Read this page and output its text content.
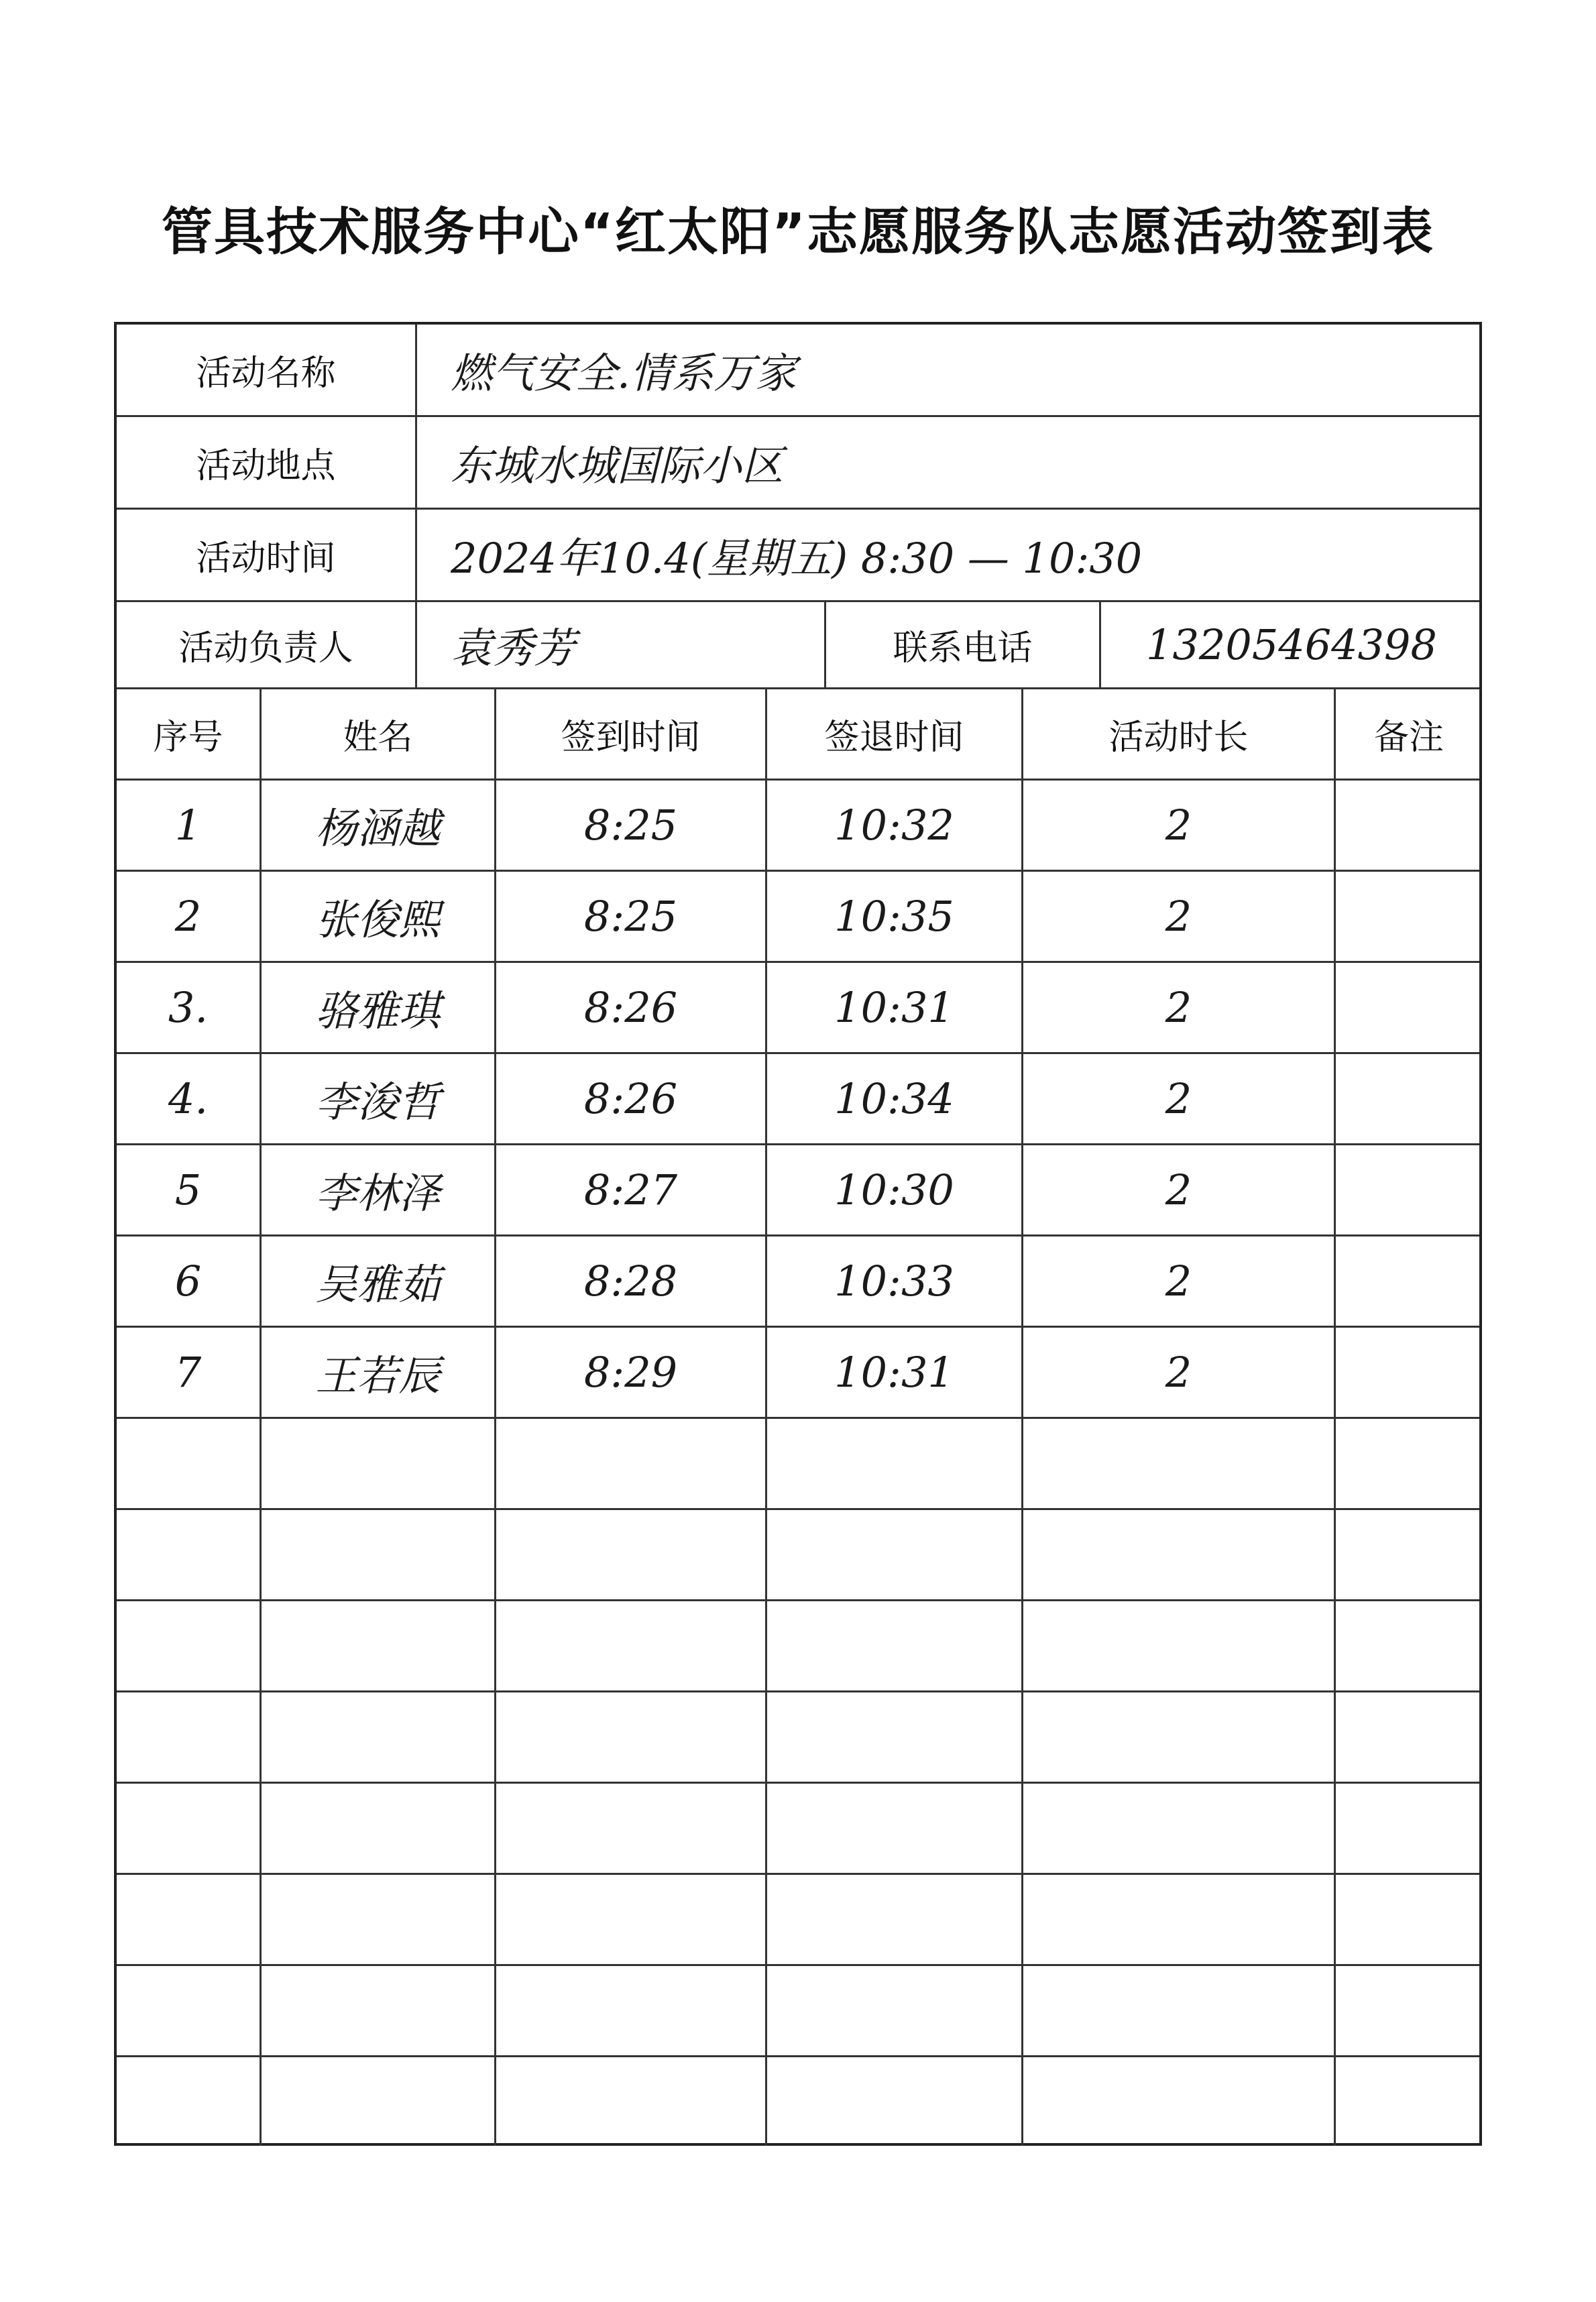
管具技术服务中心“红太阳”志愿服务队志愿活动签到表
活动名称	燃气安全.情系万家
活动地点	东城水城国际小区
活动时间	2024年10.4(星期五) 8:30 — 10:30
活动负责人	袁秀芳	联系电话	13205464398
序号	姓名	签到时间	签退时间	活动时长	备注
1	杨涵越	8:25	10:32	2
2	张俊熙	8:25	10:35	2
3.	骆雅琪	8:26	10:31	2
4.	李浚哲	8:26	10:34	2
5	李林泽	8:27	10:30	2
6	吴雅茹	8:28	10:33	2
7	王若辰	8:29	10:31	2
